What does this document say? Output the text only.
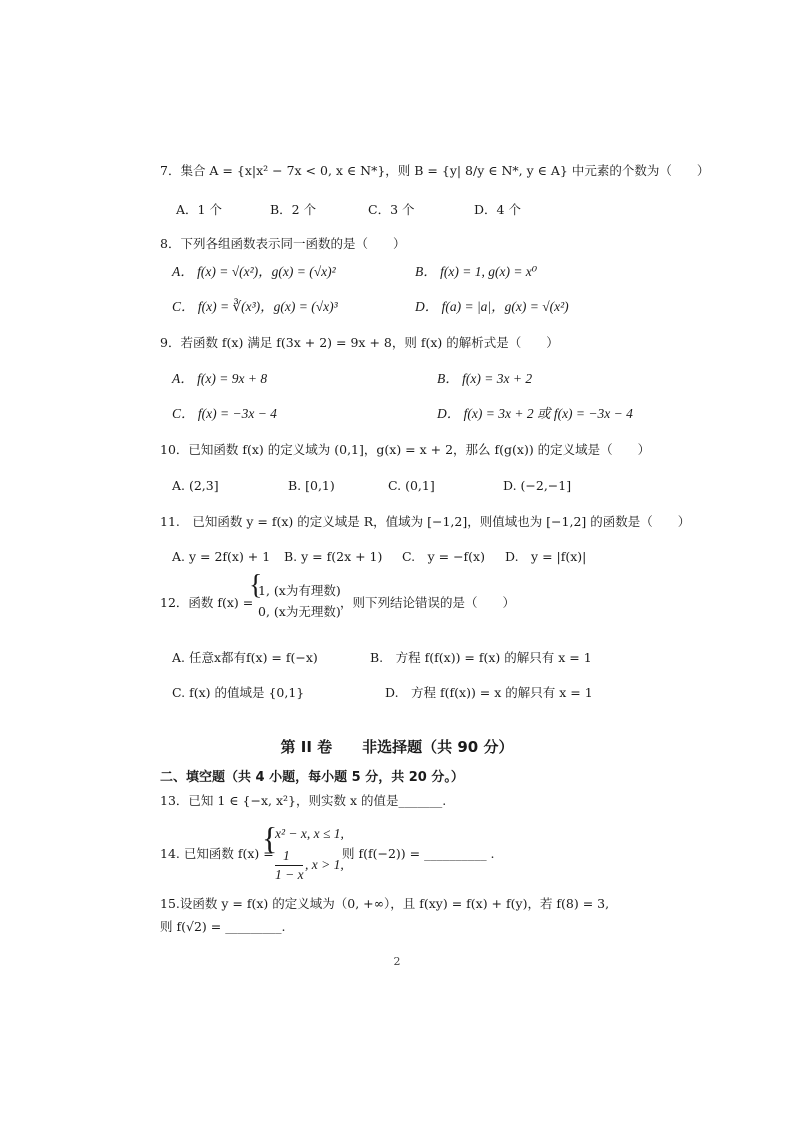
7．集合 A = {x|x² − 7x < 0, x ∈ N*}，则 B = {y| 8/y ∈ N*, y ∈ A} 中元素的个数为（　　）
A．1 个	B．2 个	C．3 个	D．4 个
8．下列各组函数表示同一函数的是（　　）
A． f(x) = √(x²)，g(x) = (√x)²	B． f(x) = 1, g(x) = x⁰
C． f(x) = ∛(x³)，g(x) = (√x)³	D． f(a) = |a|，g(x) = √(x²)
9．若函数 f(x) 满足 f(3x + 2) = 9x + 8，则 f(x) 的解析式是（　　）
A． f(x) = 9x + 8	B． f(x) = 3x + 2
C． f(x) = −3x − 4	D． f(x) = 3x + 2 或 f(x) = −3x − 4
10．已知函数 f(x) 的定义域为 (0,1]，g(x) = x + 2，那么 f(g(x)) 的定义域是（　　）
A. (2,3]	B. [0,1)	C. (0,1]	D. (−2,−1]
11.　已知函数 y = f(x) 的定义域是 R，值域为 [−1,2]，则值域也为 [−1,2] 的函数是（　　）
A. y = 2f(x) + 1 B. y = f(2x + 1) C.　y = −f(x) D.　y = |f(x)|
12．函数 f(x) =
{
1, (x为有理数)
0, (x为无理数)
，则下列结论错误的是（　　）
A. 任意x都有f(x) = f(−x)	B.　方程 f(f(x)) = f(x) 的解只有 x = 1
C. f(x) 的值域是 {0,1}	D.　方程 f(f(x)) = x 的解只有 x = 1
第 II 卷　　非选择题（共 90 分）
二、填空题（共 4 小题，每小题 5 分，共 20 分。）
13．已知 1 ∈ {−x, x²}，则实数 x 的值是_______.
14. 已知函数 f(x) =
{
x² − x, x ≤ 1,
1
1 − x
, x > 1,
则 f(f(−2)) = __________ .
15.设函数 y = f(x) 的定义域为（0, +∞），且 f(xy) = f(x) + f(y)，若 f(8) = 3,
则 f(√2) = _________.
2
